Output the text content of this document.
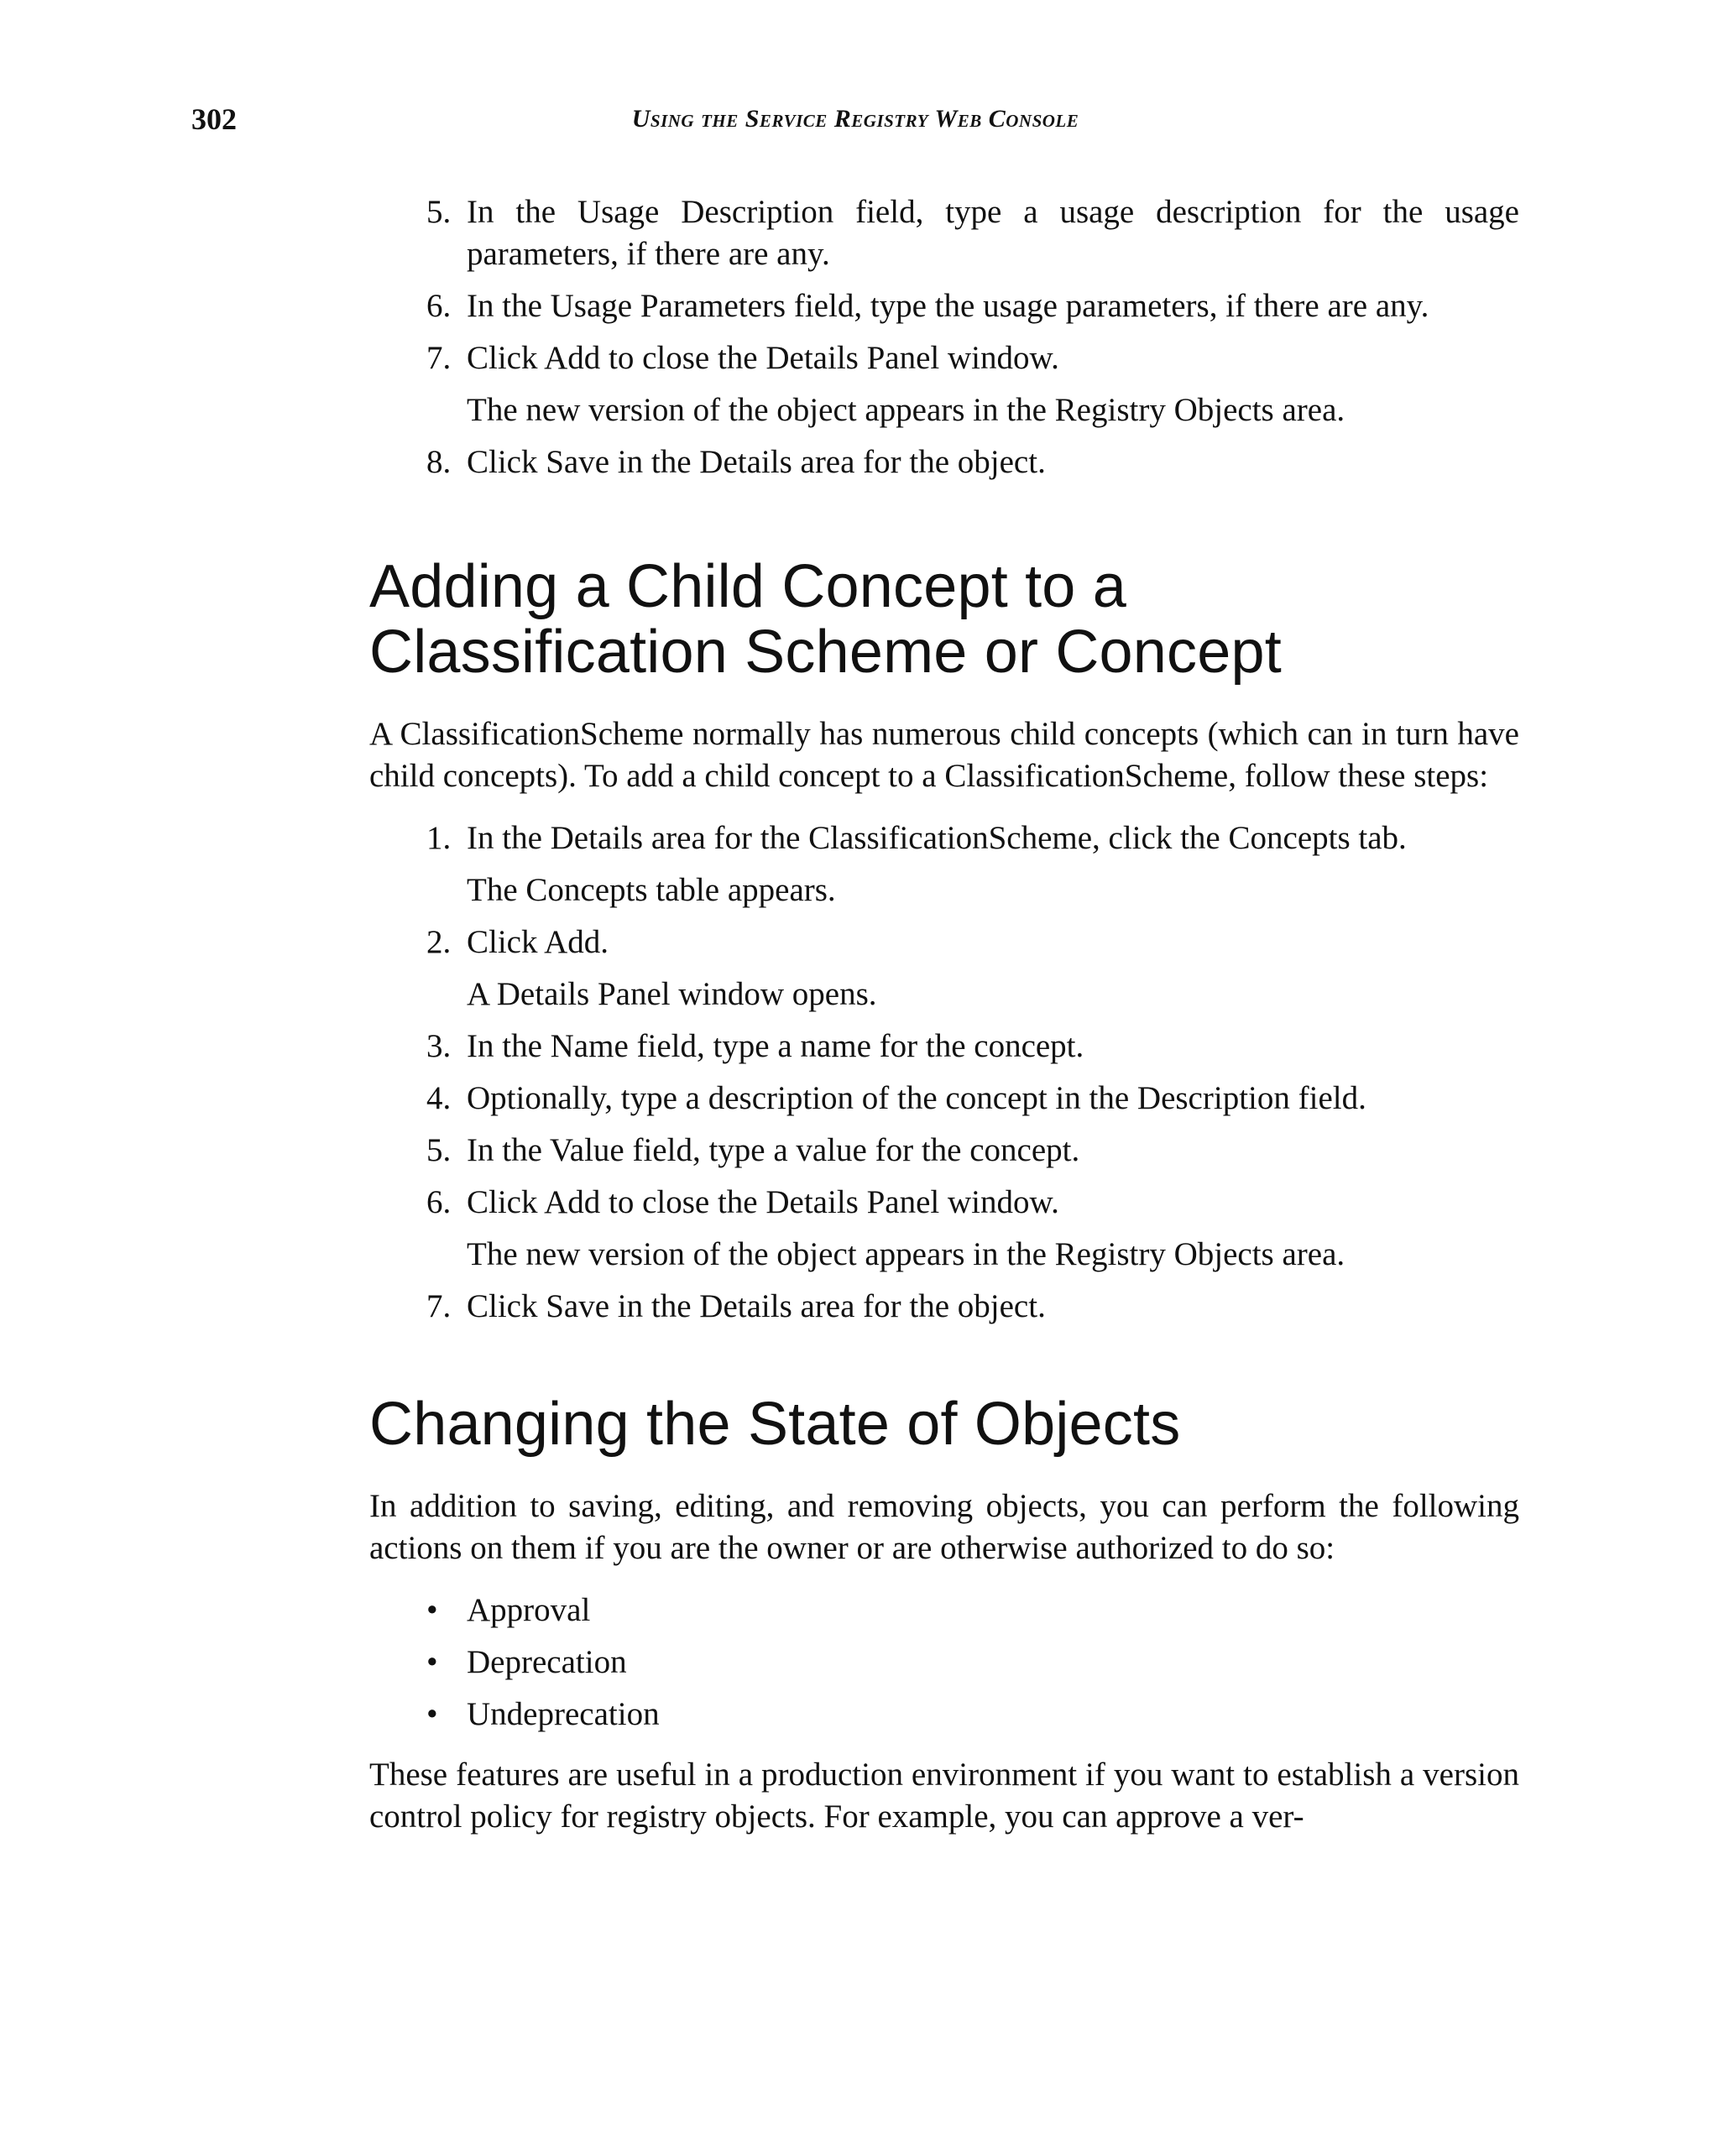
302	Using the Service Registry Web Console
5. In the Usage Description field, type a usage description for the usage parameters, if there are any.
6. In the Usage Parameters field, type the usage parameters, if there are any.
7. Click Add to close the Details Panel window.
The new version of the object appears in the Registry Objects area.
8. Click Save in the Details area for the object.
Adding a Child Concept to a
Classification Scheme or Concept

A ClassificationScheme normally has numerous child concepts (which can in turn have child concepts). To add a child concept to a ClassificationScheme, follow these steps:

1. In the Details area for the ClassificationScheme, click the Concepts tab.
The Concepts table appears.
2. Click Add.
A Details Panel window opens.
3. In the Name field, type a name for the concept.
4. Optionally, type a description of the concept in the Description field.
5. In the Value field, type a value for the concept.
6. Click Add to close the Details Panel window.
The new version of the object appears in the Registry Objects area.
7. Click Save in the Details area for the object.
Changing the State of Objects

In addition to saving, editing, and removing objects, you can perform the following actions on them if you are the owner or are otherwise authorized to do so:

• Approval
• Deprecation
• Undeprecation

These features are useful in a production environment if you want to establish a version control policy for registry objects. For example, you can approve a ver-
